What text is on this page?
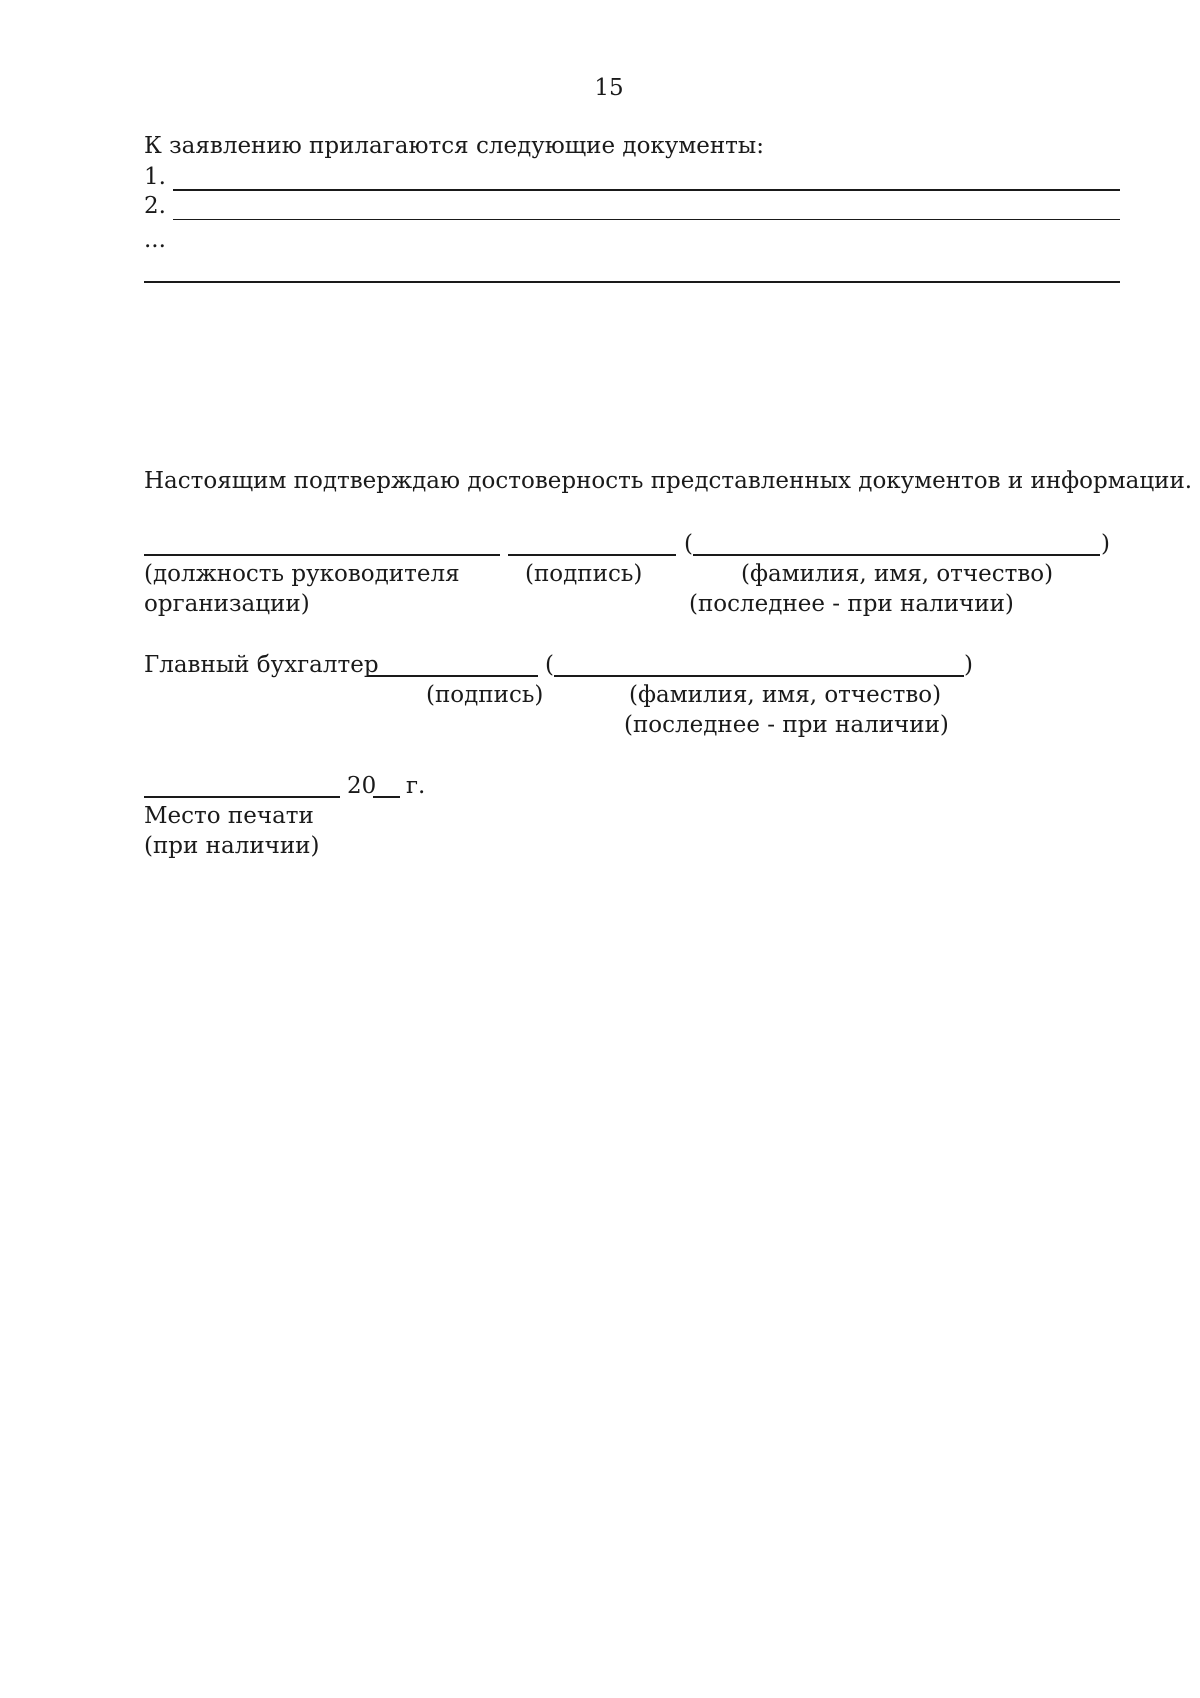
15
К заявлению прилагаются следующие документы:
1.
2.
...
Настоящим подтверждаю достоверность представленных документов и информации.
(	)
(должность руководителя
организации)
(подпись)	(фамилия, имя, отчество)
(последнее - при наличии)
Главный бухгалтер	(	)
(подпись)	(фамилия, имя, отчество)
(последнее - при наличии)
20 г.
Место печати
(при наличии)
